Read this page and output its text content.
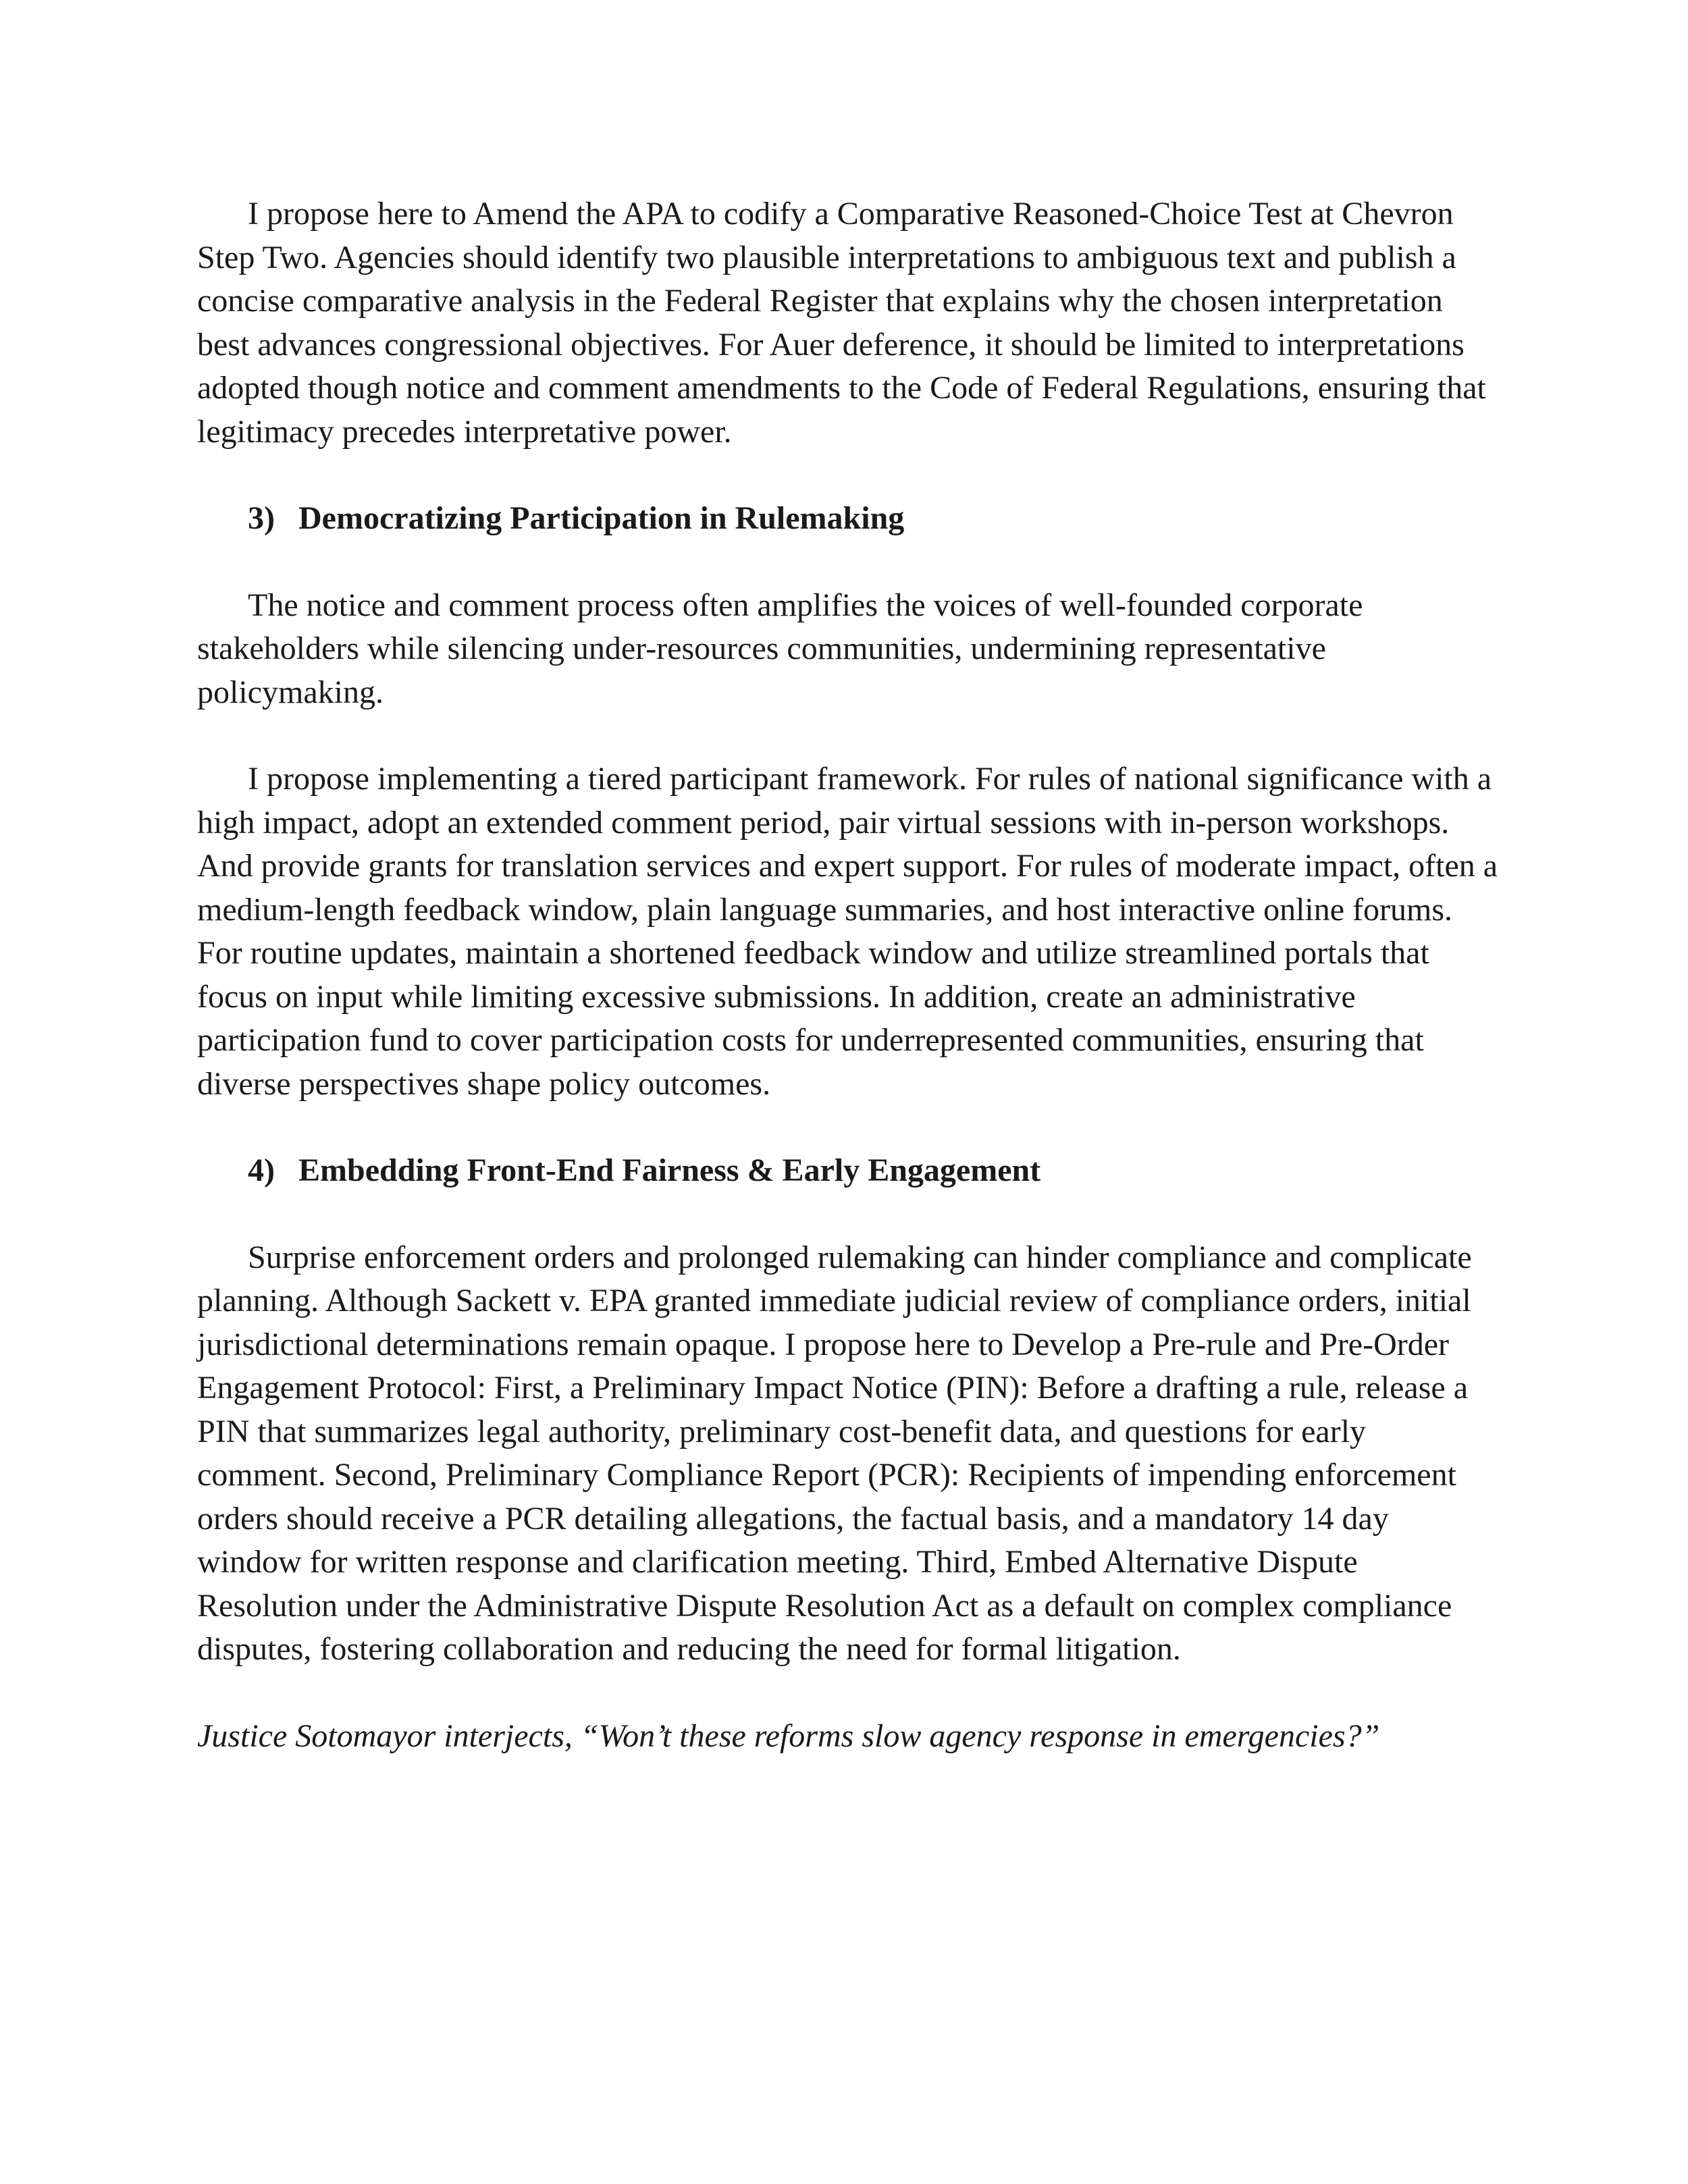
I propose here to Amend the APA to codify a Comparative Reasoned-Choice Test at Chevron Step Two. Agencies should identify two plausible interpretations to ambiguous text and publish a concise comparative analysis in the Federal Register that explains why the chosen interpretation best advances congressional objectives. For Auer deference, it should be limited to interpretations adopted though notice and comment amendments to the Code of Federal Regulations, ensuring that legitimacy precedes interpretative power.

3) Democratizing Participation in Rulemaking

The notice and comment process often amplifies the voices of well-founded corporate stakeholders while silencing under-resources communities, undermining representative policymaking.

I propose implementing a tiered participant framework. For rules of national significance with a high impact, adopt an extended comment period, pair virtual sessions with in-person workshops. And provide grants for translation services and expert support. For rules of moderate impact, often a medium-length feedback window, plain language summaries, and host interactive online forums. For routine updates, maintain a shortened feedback window and utilize streamlined portals that focus on input while limiting excessive submissions. In addition, create an administrative participation fund to cover participation costs for underrepresented communities, ensuring that diverse perspectives shape policy outcomes.

4) Embedding Front-End Fairness & Early Engagement

Surprise enforcement orders and prolonged rulemaking can hinder compliance and complicate planning. Although Sackett v. EPA granted immediate judicial review of compliance orders, initial jurisdictional determinations remain opaque. I propose here to Develop a Pre-rule and Pre-Order Engagement Protocol: First, a Preliminary Impact Notice (PIN): Before a drafting a rule, release a PIN that summarizes legal authority, preliminary cost-benefit data, and questions for early comment. Second, Preliminary Compliance Report (PCR): Recipients of impending enforcement orders should receive a PCR detailing allegations, the factual basis, and a mandatory 14 day window for written response and clarification meeting. Third, Embed Alternative Dispute Resolution under the Administrative Dispute Resolution Act as a default on complex compliance disputes, fostering collaboration and reducing the need for formal litigation.

Justice Sotomayor interjects, “Won’t these reforms slow agency response in emergencies?”
